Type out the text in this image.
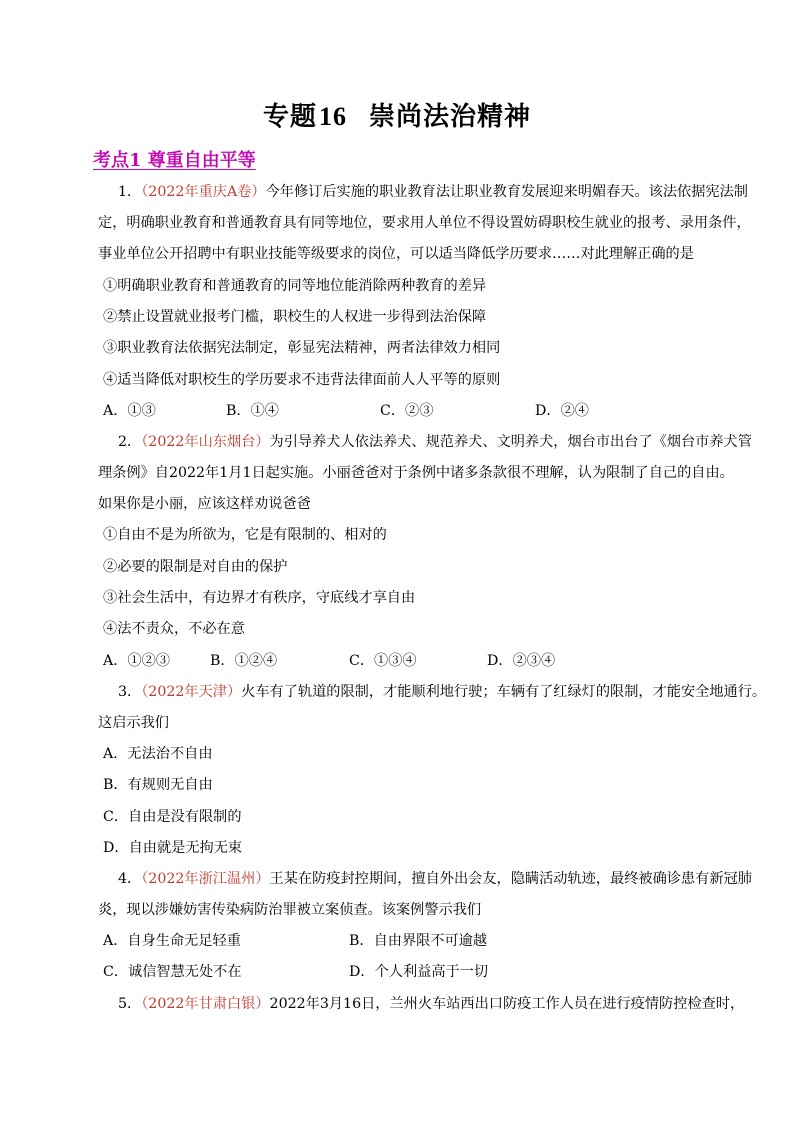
专题16 崇尚法治精神
考点1 尊重自由平等
1．（2022年重庆A卷）今年修订后实施的职业教育法让职业教育发展迎来明媚春天。该法依据宪法制
定，明确职业教育和普通教育具有同等地位，要求用人单位不得设置妨碍职校生就业的报考、录用条件，
事业单位公开招聘中有职业技能等级要求的岗位，可以适当降低学历要求……对此理解正确的是
①明确职业教育和普通教育的同等地位能消除两种教育的差异
②禁止设置就业报考门槛，职校生的人权进一步得到法治保障
③职业教育法依据宪法制定，彰显宪法精神，两者法律效力相同
④适当降低对职校生的学历要求不违背法律面前人人平等的原则
A．①③	B．①④	C．②③	D．②④
2．（2022年山东烟台）为引导养犬人依法养犬、规范养犬、文明养犬，烟台市出台了《烟台市养犬管
理条例》自2022年1月1日起实施。小丽爸爸对于条例中诸多条款很不理解，认为限制了自己的自由。
如果你是小丽，应该这样劝说爸爸
①自由不是为所欲为，它是有限制的、相对的
②必要的限制是对自由的保护
③社会生活中，有边界才有秩序，守底线才享自由
④法不责众，不必在意
A．①②③	B．①②④	C．①③④	D．②③④
3．（2022年天津）火车有了轨道的限制，才能顺利地行驶；车辆有了红绿灯的限制，才能安全地通行。
这启示我们
A．无法治不自由
B．有规则无自由
C．自由是没有限制的
D．自由就是无拘无束
4．（2022年浙江温州）王某在防疫封控期间，擅自外出会友，隐瞒活动轨迹，最终被确诊患有新冠肺
炎，现以涉嫌妨害传染病防治罪被立案侦查。该案例警示我们
A．自身生命无足轻重	B．自由界限不可逾越
C．诚信智慧无处不在	D．个人利益高于一切
5．（2022年甘肃白银）2022年3月16日，兰州火车站西出口防疫工作人员在进行疫情防控检查时，
